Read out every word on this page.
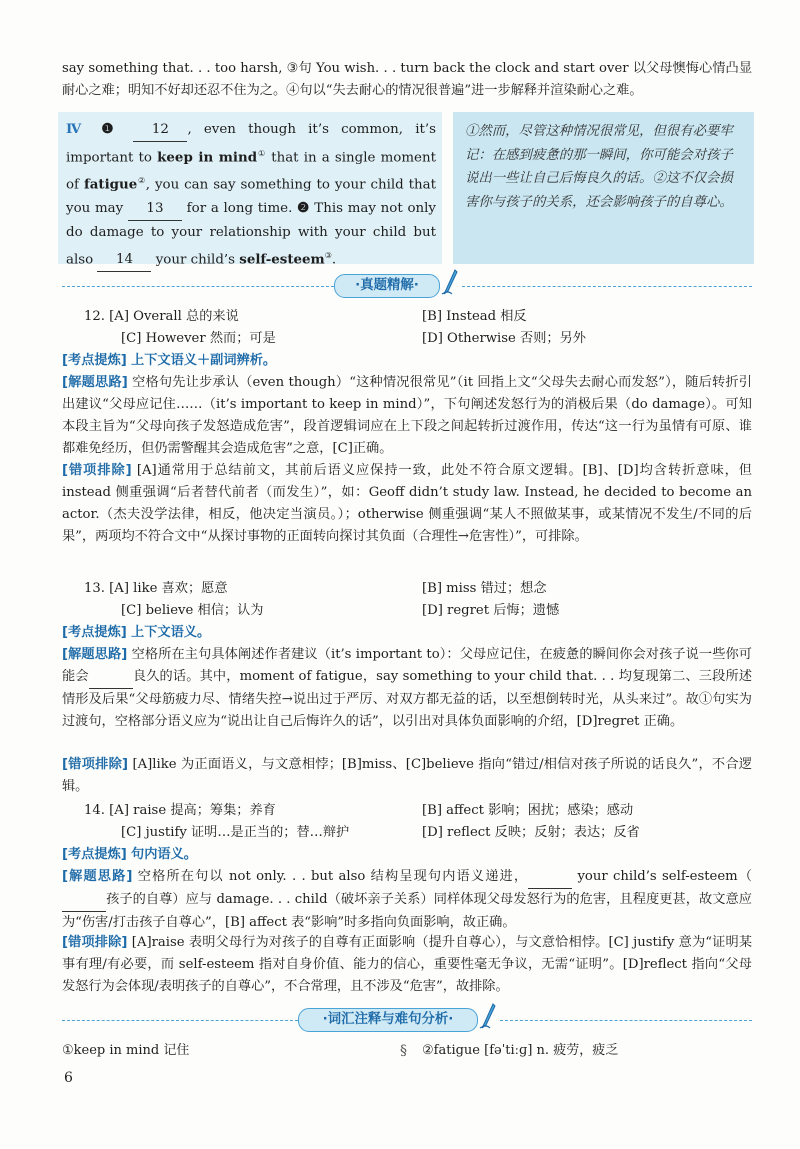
say something that. . . too harsh, ③句 You wish. . . turn back the clock and start over 以父母懊悔心情凸显耐心之难；明知不好却还忍不住为之。④句以“失去耐心的情况很普遍”进一步解释并渲染耐心之难。

Ⅳ ❶ 12 , even though it’s common, it’s important to keep in mind① that in a single moment of fatigue②, you can say something to your child that you may 13 for a long time. ❷ This may not only do damage to your relationship with your child but also 14 your child’s self-esteem③.
①然而，尽管这种情况很常见，但很有必要牢记：在感到疲惫的那一瞬间，你可能会对孩子说出一些让自己后悔良久的话。②这不仅会损害你与孩子的关系，还会影响孩子的自尊心。
·真题精解·
12. [A] Overall 总的来说	[B] Instead 相反
[C] However 然而；可是	[D] Otherwise 否则；另外
[考点提炼] 上下文语义＋副词辨析。

[解题思路] 空格句先让步承认（even though）“这种情况很常见”（it 回指上文“父母失去耐心而发怒”），随后转折引出建议“父母应记住……（it’s important to keep in mind）”，下句阐述发怒行为的消极后果（do damage）。可知本段主旨为“父母向孩子发怒造成危害”，段首逻辑词应在上下段之间起转折过渡作用，传达“这一行为虽情有可原、谁都难免经历，但仍需警醒其会造成危害”之意，[C]正确。

[错项排除] [A]通常用于总结前文，其前后语义应保持一致，此处不符合原文逻辑。[B]、[D]均含转折意味，但 instead 侧重强调“后者替代前者（而发生）”，如：Geoff didn’t study law. Instead, he decided to become an actor.（杰夫没学法律，相反，他决定当演员。）；otherwise 侧重强调“某人不照做某事，或某情况不发生/不同的后果”，两项均不符合文中“从探讨事物的正面转向探讨其负面（合理性→危害性）”，可排除。

13. [A] like 喜欢；愿意	[B] miss 错过；想念
[C] believe 相信；认为	[D] regret 后悔；遗憾
[考点提炼] 上下文语义。

[解题思路] 空格所在主句具体阐述作者建议（it’s important to）：父母应记住，在疲惫的瞬间你会对孩子说一些你可能会	良久的话。其中，moment of fatigue，say something to your child that. . . 均复现第二、三段所述情形及后果“父母筋疲力尽、情绪失控→说出过于严厉、对双方都无益的话，以至想倒转时光，从头来过”。故①句实为过渡句，空格部分语义应为“说出让自己后悔许久的话”，以引出对具体负面影响的介绍，[D]regret 正确。

[错项排除] [A]like 为正面语义，与文意相悖；[B]miss、[C]believe 指向“错过/相信对孩子所说的话良久”，不合逻辑。

14. [A] raise 提高；筹集；养育	[B] affect 影响；困扰；感染；感动
[C] justify 证明…是正当的；替…辩护	[D] reflect 反映；反射；表达；反省
[考点提炼] 句内语义。

[解题思路] 空格所在句以 not only. . . but also 结构呈现句内语义递进，	your child’s self-esteem（ 孩子的自尊）应与 damage. . . child（破坏亲子关系）同样体现父母发怒行为的危害，且程度更甚，故文意应为“伤害/打击孩子自尊心”，[B] affect 表“影响”时多指向负面影响，故正确。

[错项排除] [A]raise 表明父母行为对孩子的自尊有正面影响（提升自尊心），与文意恰相悖。[C] justify 意为“证明某事有理/有必要，而 self-esteem 指对自身价值、能力的信心，重要性毫无争议，无需“证明”。[D]reflect 指向“父母发怒行为会体现/表明孩子的自尊心”，不合常理，且不涉及“危害”，故排除。

·词汇注释与难句分析·
①keep in mind 记住	§ ②fatigue [fəˈtiːɡ] n. 疲劳，疲乏
6
